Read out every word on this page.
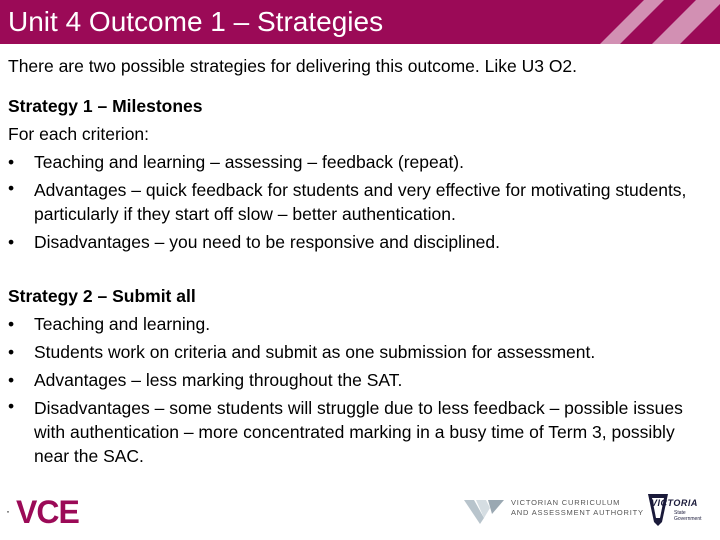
Unit 4 Outcome 1 – Strategies

There are two possible strategies for delivering this outcome. Like U3 O2.

Strategy 1 – Milestones

For each criterion:

• Teaching and learning – assessing – feedback (repeat).
• Advantages – quick feedback for students and very effective for motivating students, particularly if they start off slow – better authentication.
• Disadvantages – you need to be responsive and disciplined.

Strategy 2 – Submit all

• Teaching and learning.
• Students work on criteria and submit as one submission for assessment.
• Advantages – less marking throughout the SAT.
• Disadvantages – some students will struggle due to less feedback – possible issues with authentication – more concentrated marking in a busy time of Term 3, possibly near the SAC.
· VCE	VICTORIAN CURRICULUM
AND ASSESSMENT AUTHORITY
VICTORIA
State
Government
